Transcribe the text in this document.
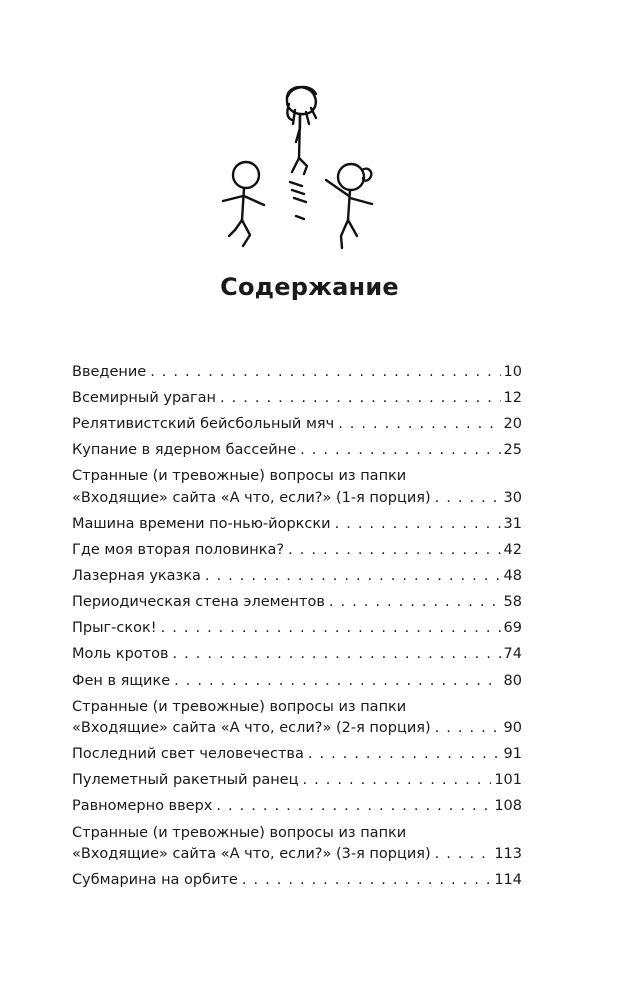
Содержание
Введение . . .	10
Всемирный ураган . . .	12
Релятивистский бейсбольный мяч . . .	20
Купание в ядерном бассейне . . .	25
Странные (и тревожные) вопросы из папки
«Входящие» сайта «А что, если?» (1-я порция) . . .	30
Машина времени по-нью-йоркски . . .	31
Где моя вторая половинка? . . .	42
Лазерная указка . . .	48
Периодическая стена элементов . . .	58
Прыг-скок! . . .	69
Моль кротов . . .	74
Фен в ящике . . .	80
Странные (и тревожные) вопросы из папки
«Входящие» сайта «А что, если?» (2-я порция) . . .	90
Последний свет человечества . . .	91
Пулеметный ракетный ранец . . .	101
Равномерно вверх . . .	108
Странные (и тревожные) вопросы из папки
«Входящие» сайта «А что, если?» (3-я порция) . . .	113
Субмарина на орбите . . .	114
